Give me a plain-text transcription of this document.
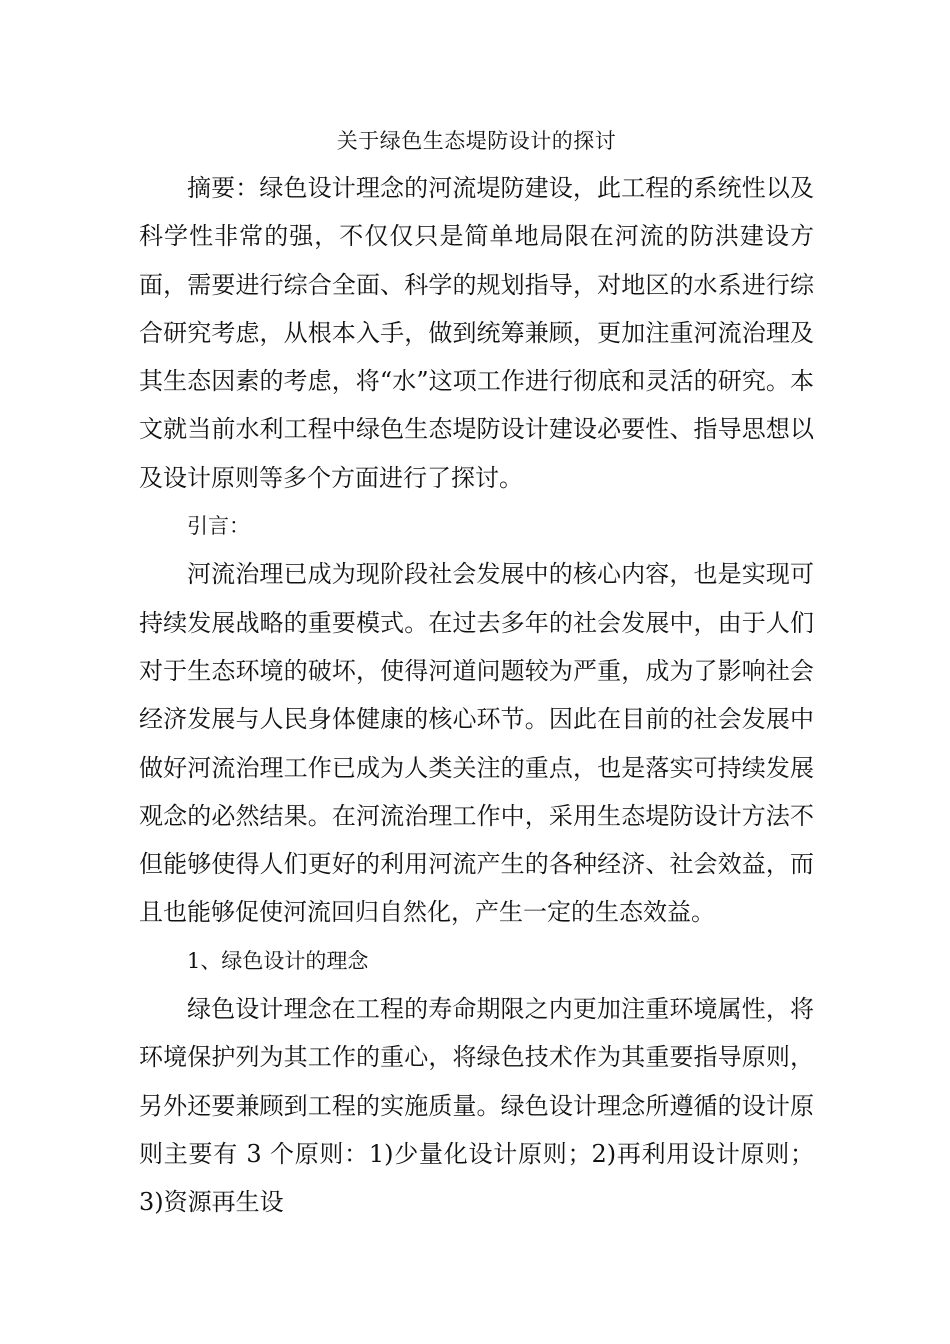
关于绿色生态堤防设计的探讨

摘要：绿色设计理念的河流堤防建设，此工程的系统性以及科学性非常的强，不仅仅只是简单地局限在河流的防洪建设方面，需要进行综合全面、科学的规划指导，对地区的水系进行综合研究考虑，从根本入手，做到统筹兼顾，更加注重河流治理及其生态因素的考虑，将“水”这项工作进行彻底和灵活的研究。本文就当前水利工程中绿色生态堤防设计建设必要性、指导思想以及设计原则等多个方面进行了探讨。

引言：

河流治理已成为现阶段社会发展中的核心内容，也是实现可持续发展战略的重要模式。在过去多年的社会发展中，由于人们对于生态环境的破坏，使得河道问题较为严重，成为了影响社会经济发展与人民身体健康的核心环节。因此在目前的社会发展中做好河流治理工作已成为人类关注的重点，也是落实可持续发展观念的必然结果。在河流治理工作中，采用生态堤防设计方法不但能够使得人们更好的利用河流产生的各种经济、社会效益，而且也能够促使河流回归自然化，产生一定的生态效益。

1、绿色设计的理念

绿色设计理念在工程的寿命期限之内更加注重环境属性，将环境保护列为其工作的重心，将绿色技术作为其重要指导原则，另外还要兼顾到工程的实施质量。绿色设计理念所遵循的设计原则主要有 3 个原则：1)少量化设计原则；2)再利用设计原则；3)资源再生设
